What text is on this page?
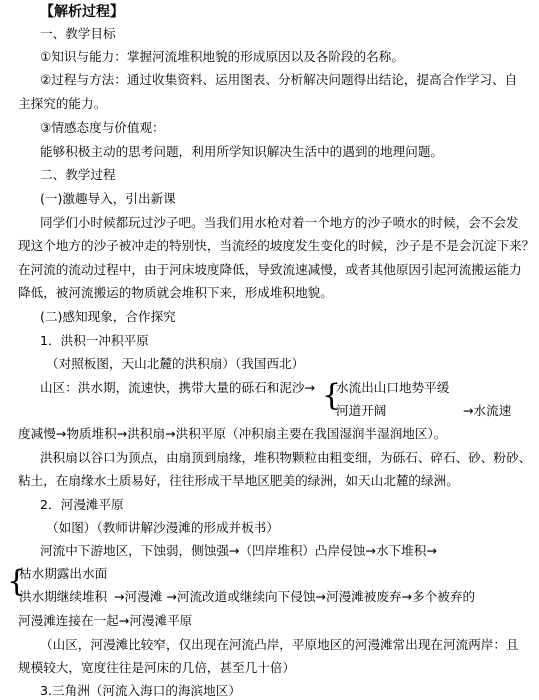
【解析过程】
一、教学目标
①知识与能力：掌握河流堆积地貌的形成原因以及各阶段的名称。
②过程与方法：通过收集资料、运用图表、分析解决问题得出结论，提高合作学习、自
主探究的能力。
③情感态度与价值观：
能够积极主动的思考问题，利用所学知识解决生活中的遇到的地理问题。
二、教学过程
(一)激趣导入，引出新课
同学们小时候都玩过沙子吧。当我们用水枪对着一个地方的沙子喷水的时候，会不会发
现这个地方的沙子被冲走的特别快，当流经的坡度发生变化的时候，沙子是不是会沉淀下来？
在河流的流动过程中，由于河床坡度降低，导致流速减慢，或者其他原因引起河流搬运能力
降低，被河流搬运的物质就会堆积下来，形成堆积地貌。
(二)感知现象，合作探究
1．洪积一冲积平原
（对照板图，天山北麓的洪积扇）（我国西北）
山区：洪水期，流速快，携带大量的砾石和泥沙→ {
水流出山口地势平缓
河道开阔	→水流速
度减慢→物质堆积→洪积扇→洪积平原（冲积扇主要在我国湿润半湿润地区）。
洪积扇以谷口为顶点，由扇顶到扇缘，堆积物颗粒由粗变细，为砾石、碎石、砂、粉砂、
粘土，在扇缘水土质易好，往往形成干旱地区肥美的绿洲，如天山北麓的绿洲。
2．河漫滩平原
（如图）（教师讲解沙漫滩的形成并板书）
河流中下游地区，下蚀弱，侧蚀强→（凹岸堆积）凸岸侵蚀→水下堆积→
{
枯水期露出水面
洪水期继续堆积 →河漫滩 →河流改道或继续向下侵蚀→河漫滩被废弃→多个被弃的
河漫滩连接在一起→河漫滩平原
（山区，河漫滩比较窄，仅出现在河流凸岸，平原地区的河漫滩常出现在河流两岸：且
规模较大，宽度往往是河床的几倍，甚至几十倍）
3.三角洲（河流入海口的海滨地区）
